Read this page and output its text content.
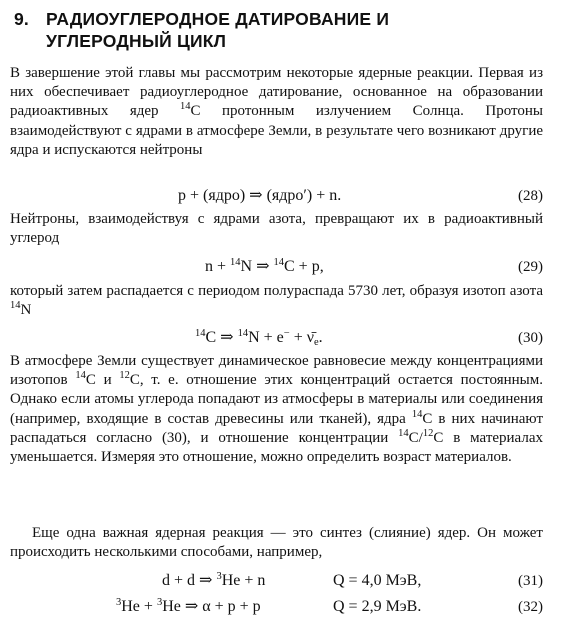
9. РАДИОУГЛЕРОДНОЕ ДАТИРОВАНИЕ И
УГЛЕРОДНЫЙ ЦИКЛ
В завершение этой главы мы рассмотрим некоторые ядерные реакции. Первая из них обеспечивает радиоуглеродное датирование, основанное на образовании радиоактивных ядер $^{14}$C протонным излучением Солнца. Протоны взаимодействуют с ядрами в атмосфере Земли, в результате чего возникают другие ядра и испускаются нейтроны
p + (ядро) ⇒ (ядро′) + n.	(28)
Нейтроны, взаимодействуя с ядрами азота, превращают их в радиоактивный углерод
n + $^{14}$N ⇒ $^{14}$C + p,	(29)
который затем распадается с периодом полураспада 5730 лет, образуя изотоп азота $^{14}$N
$^{14}$C ⇒ $^{14}N + e^- + \nū_e$.	(30)
В атмосфере Земли существует динамическое равновесие между концентрациями изотопов $^{14}$C и $^{12}$C, т. е. отношение этих концентраций остается постоянным. Однако если атомы углерода попадают из атмосферы в материалы или соединения (например, входящие в состав древесины или тканей), ядра $^{14}$C в них начинают распадаться согласно (30), и отношение концентрации $^{14}$C/$^{12}$C в материалах уменьшается. Измеряя это отношение, можно определить возраст материалов.
Еще одна важная ядерная реакция — это синтез (слияние) ядер. Он может происходить несколькими способами, например,
d + d ⇒ $^3$He + n	Q = 4,0 МэВ,	(31)
$^3$He + $^3$He ⇒ α + p + p	Q = 2,9 МэВ.	(32)
